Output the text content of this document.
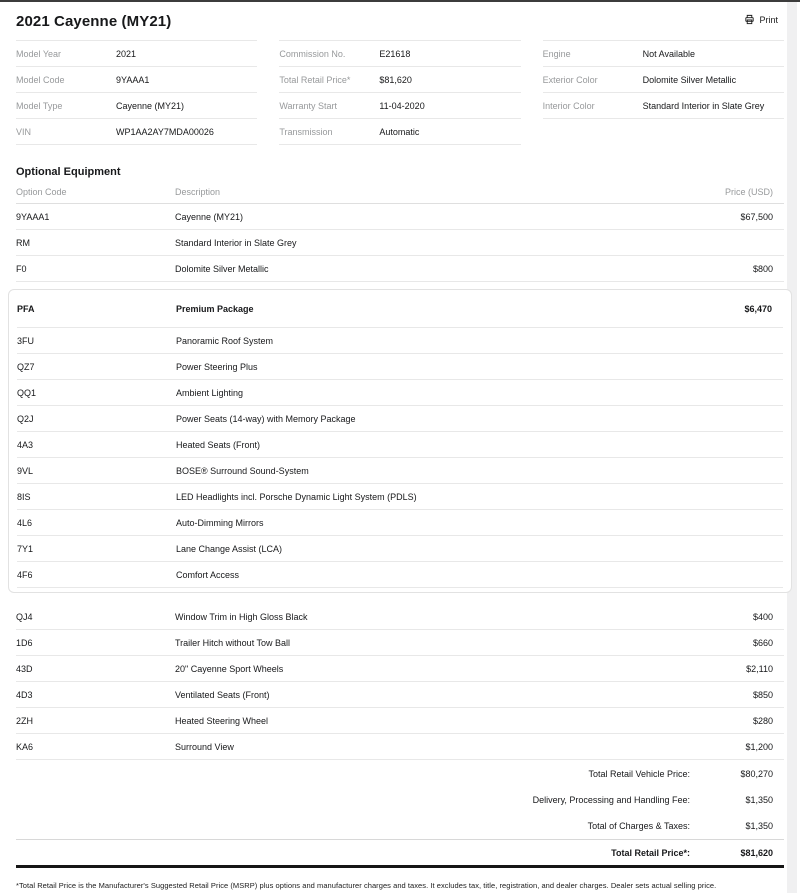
2021 Cayenne (MY21)	Print
Model Year	2021
Model Code	9YAAA1
Model Type	Cayenne (MY21)
VIN	WP1AA2AY7MDA00026
Commission No.	E21618
Total Retail Price*	$81,620
Warranty Start	11-04-2020
Transmission	Automatic
Engine	Not Available
Exterior Color	Dolomite Silver Metallic
Interior Color	Standard Interior in Slate Grey
Optional Equipment
Option Code	Description	Price (USD)
9YAAA1	Cayenne (MY21)	$67,500
RM	Standard Interior in Slate Grey
F0	Dolomite Silver Metallic	$800
PFA	Premium Package	$6,470
3FU	Panoramic Roof System
QZ7	Power Steering Plus
QQ1	Ambient Lighting
Q2J	Power Seats (14-way) with Memory Package
4A3	Heated Seats (Front)
9VL	BOSE® Surround Sound-System
8IS	LED Headlights incl. Porsche Dynamic Light System (PDLS)
4L6	Auto-Dimming Mirrors
7Y1	Lane Change Assist (LCA)
4F6	Comfort Access
QJ4	Window Trim in High Gloss Black	$400
1D6	Trailer Hitch without Tow Ball	$660
43D	20" Cayenne Sport Wheels	$2,110
4D3	Ventilated Seats (Front)	$850
2ZH	Heated Steering Wheel	$280
KA6	Surround View	$1,200
Total Retail Vehicle Price:	$80,270
Delivery, Processing and Handling Fee:	$1,350
Total of Charges & Taxes:	$1,350
Total Retail Price*:	$81,620
*Total Retail Price is the Manufacturer's Suggested Retail Price (MSRP) plus options and manufacturer charges and taxes. It excludes tax, title, registration, and dealer charges. Dealer sets actual selling price.
